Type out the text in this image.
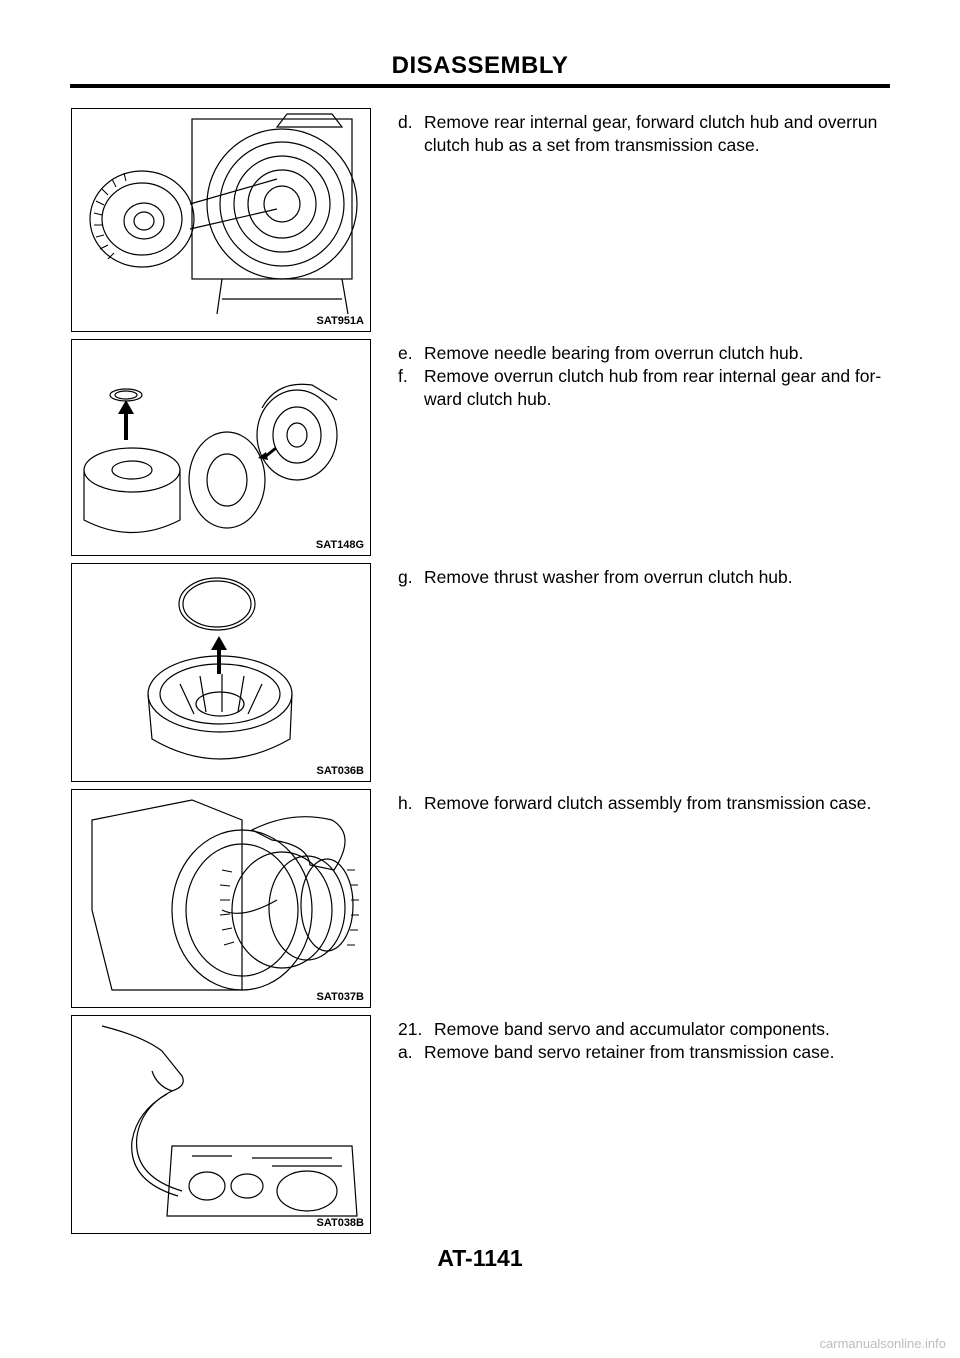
DISASSEMBLY
SAT951A
SAT148G
SAT036B
SAT037B
SAT038B

d. Remove rear internal gear, forward clutch hub and overrun clutch hub as a set from transmission case.

e. Remove needle bearing from overrun clutch hub.

f. Remove overrun clutch hub from rear internal gear and for-ward clutch hub.

g. Remove thrust washer from overrun clutch hub.

h. Remove forward clutch assembly from transmission case.

21. Remove band servo and accumulator components.

a. Remove band servo retainer from transmission case.

AT-1141
carmanualsonline.info
